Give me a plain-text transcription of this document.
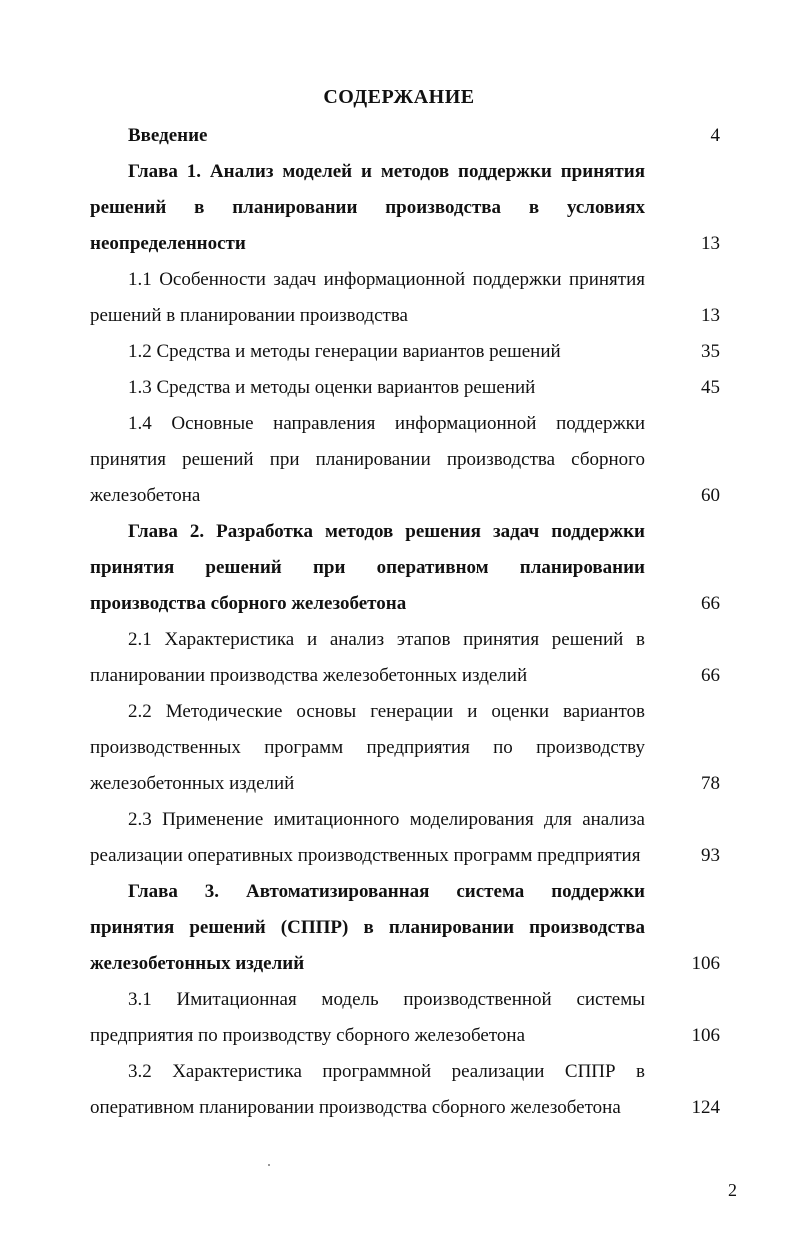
СОДЕРЖАНИЕ
Введение	4
Глава 1. Анализ моделей и методов поддержки принятия решений в планировании производства в условиях неопределенности	13
1.1 Особенности задач информационной поддержки принятия решений в планировании производства	13
1.2 Средства и методы генерации вариантов решений	35
1.3 Средства и методы оценки вариантов решений	45
1.4 Основные направления информационной поддержки принятия решений при планировании производства сборного железобетона	60
Глава 2. Разработка методов решения задач поддержки принятия решений при оперативном планировании производства сборного железобетона	66
2.1 Характеристика и анализ этапов принятия решений в планировании производства железобетонных изделий	66
2.2 Методические основы генерации и оценки вариантов производственных программ предприятия по производству железобетонных изделий	78
2.3 Применение имитационного моделирования для анализа реализации оперативных производственных программ предприятия	93
Глава 3. Автоматизированная система поддержки принятия решений (СППР) в планировании производства железобетонных изделий	106
3.1 Имитационная модель производственной системы предприятия по производству сборного железобетона	106
3.2 Характеристика программной реализации СППР в оперативном планировании производства сборного железобетона	124
2
